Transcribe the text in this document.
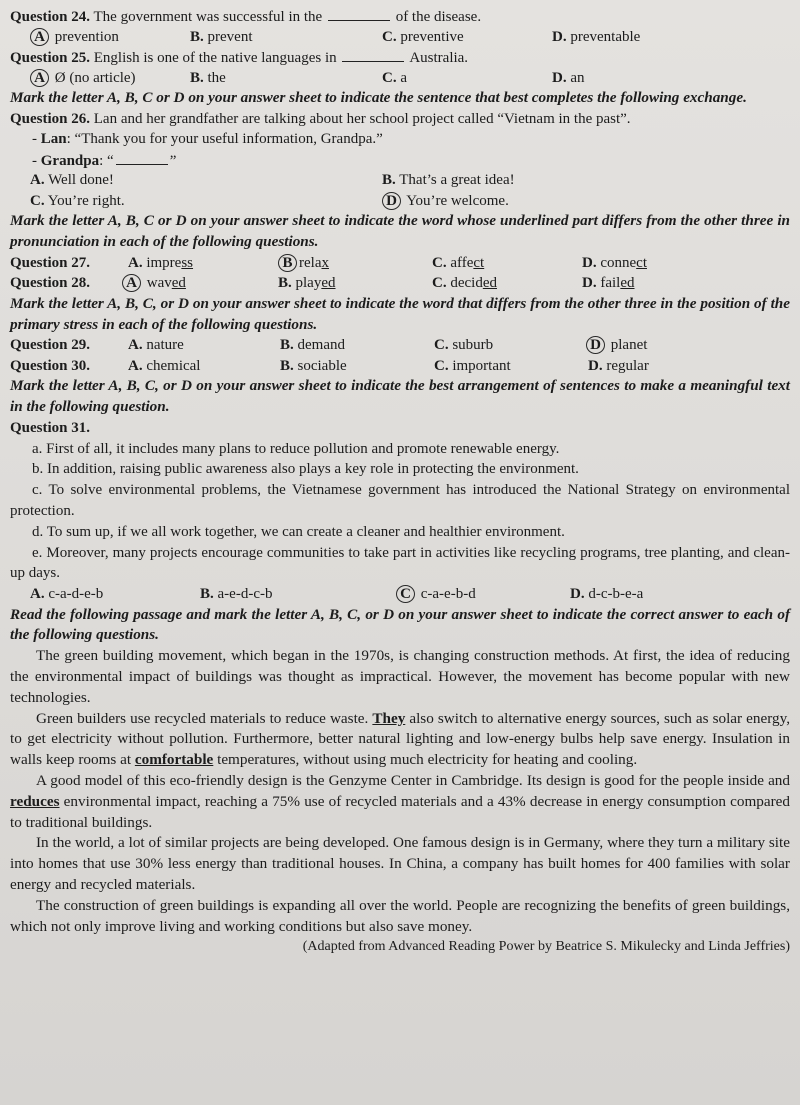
Question 24. The government was successful in the	of the disease.
A prevention	B. prevent	C. preventive	D. preventable
Question 25. English is one of the native languages in	Australia.
A Ø (no article)	B. the	C. a	D. an
Mark the letter A, B, C or D on your answer sheet to indicate the sentence that best completes the following exchange.
Question 26. Lan and her grandfather are talking about her school project called “Vietnam in the past”.
- Lan: “Thank you for your useful information, Grandpa.”
- Grandpa: “	”
A. Well done!	B. That’s a great idea!
C. You’re right.	D You’re welcome.
Mark the letter A, B, C or D on your answer sheet to indicate the word whose underlined part differs from the other three in pronunciation in each of the following questions.
Question 27.	A. impress	B relax	C. affect	D. connect
Question 28. A waved	B. played	C. decided	D. failed
Mark the letter A, B, C, or D on your answer sheet to indicate the word that differs from the other three in the position of the primary stress in each of the following questions.
Question 29.	A. nature	B. demand	C. suburb	D planet
Question 30.	A. chemical	B. sociable	C. important	D. regular
Mark the letter A, B, C, or D on your answer sheet to indicate the best arrangement of sentences to make a meaningful text in the following question.
Question 31.
a. First of all, it includes many plans to reduce pollution and promote renewable energy.
b. In addition, raising public awareness also plays a key role in protecting the environment.
c. To solve environmental problems, the Vietnamese government has introduced the National Strategy on environmental protection.
d. To sum up, if we all work together, we can create a cleaner and healthier environment.
e. Moreover, many projects encourage communities to take part in activities like recycling programs, tree planting, and clean-up days.
A. c-a-d-e-b	B. a-e-d-c-b	C c-a-e-b-d	D. d-c-b-e-a
Read the following passage and mark the letter A, B, C, or D on your answer sheet to indicate the correct answer to each of the following questions.
The green building movement, which began in the 1970s, is changing construction methods. At first, the idea of reducing the environmental impact of buildings was thought as impractical. However, the movement has become popular with new technologies.
Green builders use recycled materials to reduce waste. They also switch to alternative energy sources, such as solar energy, to get electricity without pollution. Furthermore, better natural lighting and low-energy bulbs help save energy. Insulation in walls keep rooms at comfortable temperatures, without using much electricity for heating and cooling.
A good model of this eco-friendly design is the Genzyme Center in Cambridge. Its design is good for the people inside and reduces environmental impact, reaching a 75% use of recycled materials and a 43% decrease in energy consumption compared to traditional buildings.
In the world, a lot of similar projects are being developed. One famous design is in Germany, where they turn a military site into homes that use 30% less energy than traditional houses. In China, a company has built homes for 400 families with solar energy and recycled materials.
The construction of green buildings is expanding all over the world. People are recognizing the benefits of green buildings, which not only improve living and working conditions but also save money.
(Adapted from Advanced Reading Power by Beatrice S. Mikulecky and Linda Jeffries)
